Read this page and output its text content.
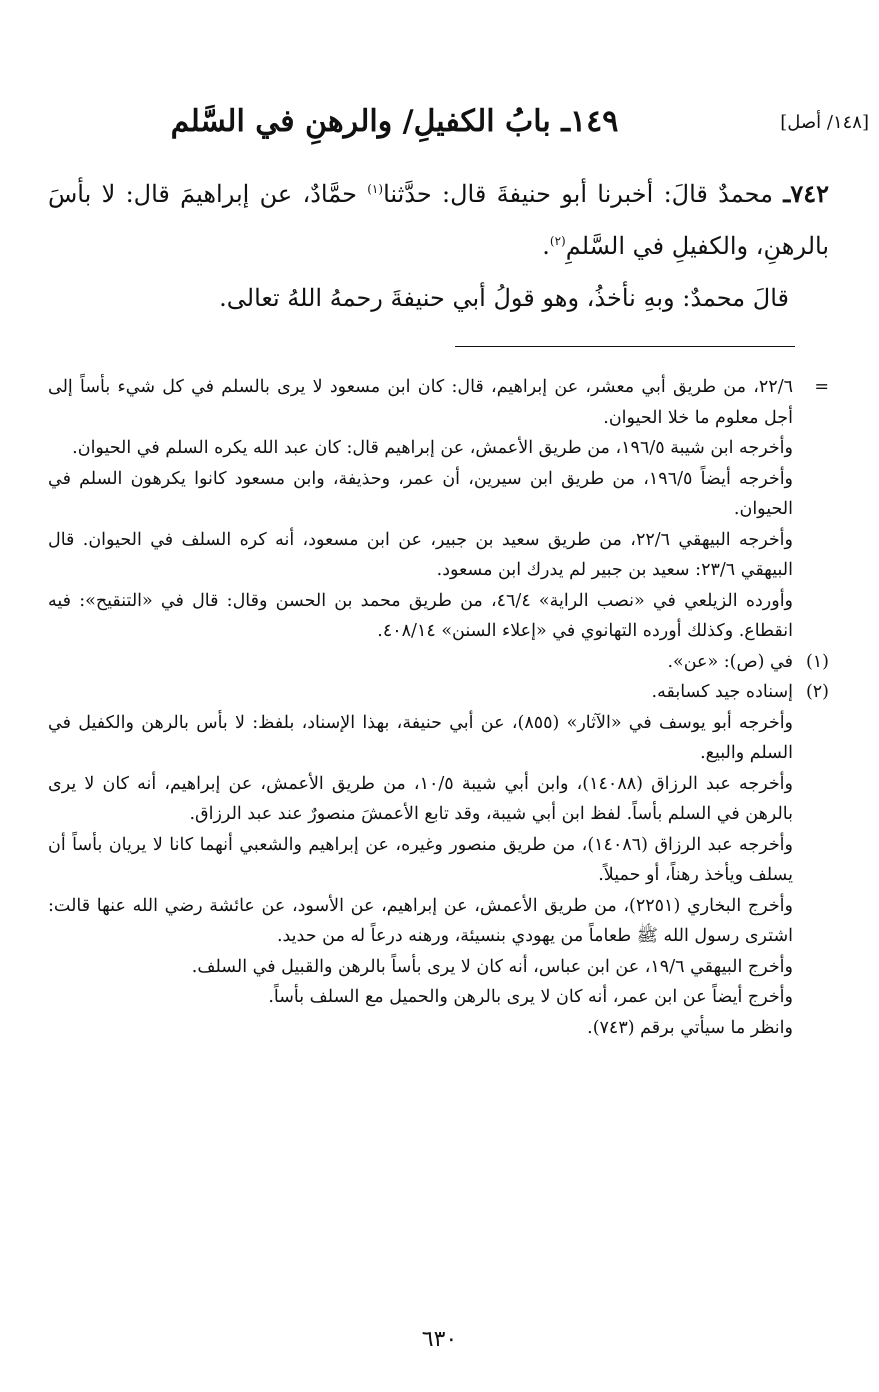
[١٤٨/ أصل]
١٤٩ـ بابُ الكفيلِ/ والرهنِ في السَّلم

٧٤٢ـ محمدٌ قالَ: أخبرنا أبو حنيفةَ قال: حدَّثنا$^{(١)}$ حمَّادٌ، عن إبراهيمَ قال: لا بأسَ بالرهنِ، والكفيلِ في السَّلمِ$^{(٢)}$.

قالَ محمدٌ: وبهِ نأخذُ، وهو قولُ أبي حنيفةَ رحمهُ اللهُ تعالى.

=
٢٢/٦، من طريق أبي معشر، عن إبراهيم، قال: كان ابن مسعود لا يرى بالسلم في كل شيء بأساً إلى أجل معلوم ما خلا الحيوان.

وأخرجه ابن شيبة ١٩٦/٥، من طريق الأعمش، عن إبراهيم قال: كان عبد الله يكره السلم في الحيوان.

وأخرجه أيضاً ١٩٦/٥، من طريق ابن سيرين، أن عمر، وحذيفة، وابن مسعود كانوا يكرهون السلم في الحيوان.

وأخرجه البيهقي ٢٢/٦، من طريق سعيد بن جبير، عن ابن مسعود، أنه كره السلف في الحيوان. قال البيهقي ٢٣/٦: سعيد بن جبير لم يدرك ابن مسعود.

وأورده الزيلعي في «نصب الراية» ٤٦/٤، من طريق محمد بن الحسن وقال: قال في «التنقيح»: فيه انقطاع. وكذلك أورده التهانوي في «إعلاء السنن» ٤٠٨/١٤.

(١)
في (ص): «عن».

(٢)
إسناده جيد كسابقه.

وأخرجه أبو يوسف في «الآثار» (٨٥٥)، عن أبي حنيفة، بهذا الإسناد، بلفظ: لا بأس بالرهن والكفيل في السلم والبيع.

وأخرجه عبد الرزاق (١٤٠٨٨)، وابن أبي شيبة ١٠/٥، من طريق الأعمش، عن إبراهيم، أنه كان لا يرى بالرهن في السلم بأساً. لفظ ابن أبي شيبة، وقد تابع الأعمشَ منصورٌ عند عبد الرزاق.

وأخرجه عبد الرزاق (١٤٠٨٦)، من طريق منصور وغيره، عن إبراهيم والشعبي أنهما كانا لا يريان بأساً أن يسلف ويأخذ رهناً، أو حميلاً.

وأخرج البخاري (٢٢٥١)، من طريق الأعمش، عن إبراهيم، عن الأسود، عن عائشة رضي الله عنها قالت: اشترى رسول الله ﷺ طعاماً من يهودي بنسيئة، ورهنه درعاً له من حديد.

وأخرج البيهقي ١٩/٦، عن ابن عباس، أنه كان لا يرى بأساً بالرهن والقبيل في السلف.

وأخرج أيضاً عن ابن عمر، أنه كان لا يرى بالرهن والحميل مع السلف بأساً.

وانظر ما سيأتي برقم (٧٤٣).

٦٣٠
